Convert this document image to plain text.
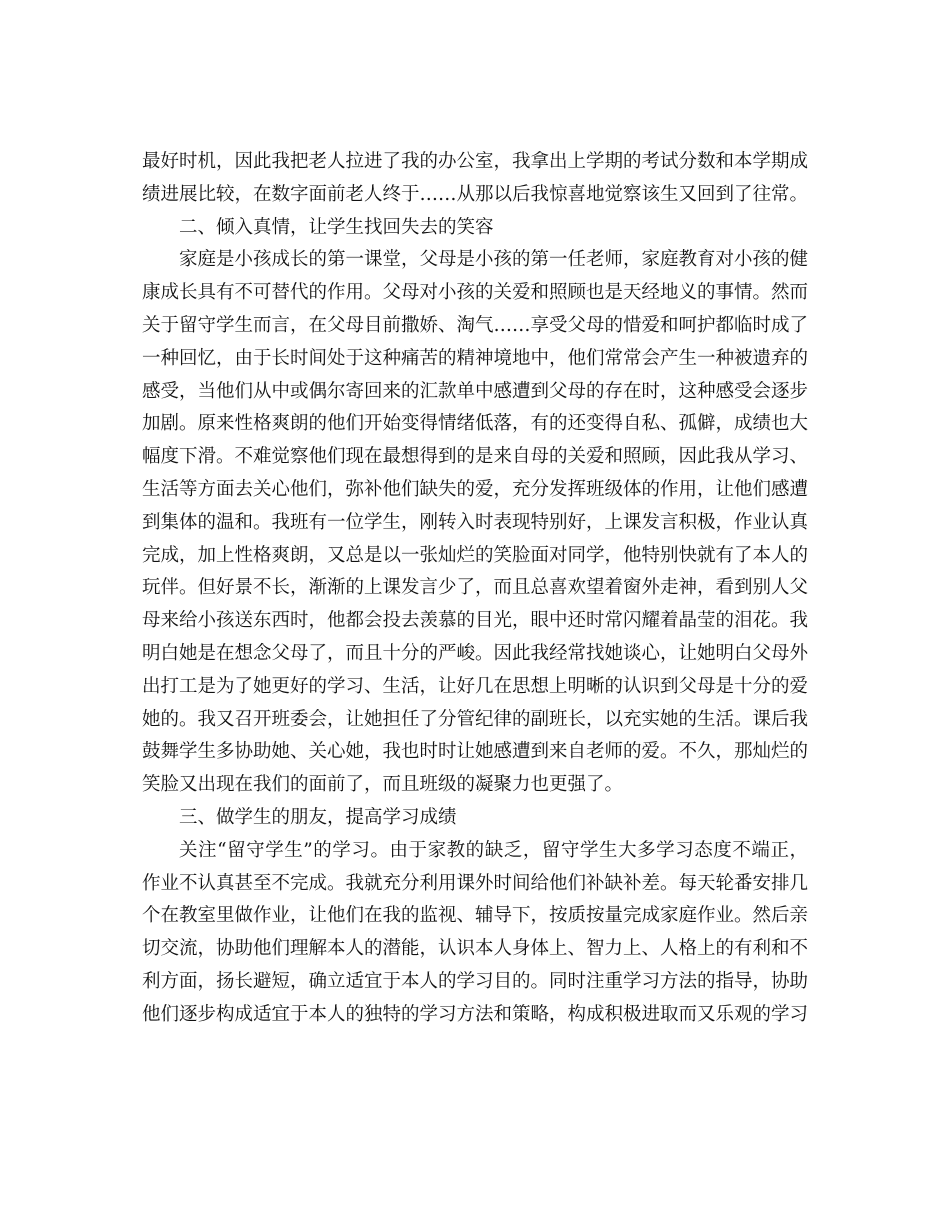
最好时机，因此我把老人拉进了我的办公室，我拿出上学期的考试分数和本学期成
绩进展比较，在数字面前老人终于……从那以后我惊喜地觉察该生又回到了往常。
二、倾入真情，让学生找回失去的笑容
家庭是小孩成长的第一课堂，父母是小孩的第一任老师，家庭教育对小孩的健
康成长具有不可替代的作用。父母对小孩的关爱和照顾也是天经地义的事情。然而
关于留守学生而言，在父母目前撒娇、淘气……享受父母的惜爱和呵护都临时成了
一种回忆，由于长时间处于这种痛苦的精神境地中，他们常常会产生一种被遗弃的
感受，当他们从中或偶尔寄回来的汇款单中感遭到父母的存在时，这种感受会逐步
加剧。原来性格爽朗的他们开始变得情绪低落，有的还变得自私、孤僻，成绩也大
幅度下滑。不难觉察他们现在最想得到的是来自母的关爱和照顾，因此我从学习、
生活等方面去关心他们，弥补他们缺失的爱，充分发挥班级体的作用，让他们感遭
到集体的温和。我班有一位学生，刚转入时表现特别好，上课发言积极，作业认真
完成，加上性格爽朗，又总是以一张灿烂的笑脸面对同学，他特别快就有了本人的
玩伴。但好景不长，渐渐的上课发言少了，而且总喜欢望着窗外走神，看到别人父
母来给小孩送东西时，他都会投去羡慕的目光，眼中还时常闪耀着晶莹的泪花。我
明白她是在想念父母了，而且十分的严峻。因此我经常找她谈心，让她明白父母外
出打工是为了她更好的学习、生活，让好几在思想上明晰的认识到父母是十分的爱
她的。我又召开班委会，让她担任了分管纪律的副班长，以充实她的生活。课后我
鼓舞学生多协助她、关心她，我也时时让她感遭到来自老师的爱。不久，那灿烂的
笑脸又出现在我们的面前了，而且班级的凝聚力也更强了。
三、做学生的朋友，提高学习成绩
关注“留守学生”的学习。由于家教的缺乏，留守学生大多学习态度不端正，
作业不认真甚至不完成。我就充分利用课外时间给他们补缺补差。每天轮番安排几
个在教室里做作业，让他们在我的监视、辅导下，按质按量完成家庭作业。然后亲
切交流，协助他们理解本人的潜能，认识本人身体上、智力上、人格上的有利和不
利方面，扬长避短，确立适宜于本人的学习目的。同时注重学习方法的指导，协助
他们逐步构成适宜于本人的独特的学习方法和策略，构成积极进取而又乐观的学习
